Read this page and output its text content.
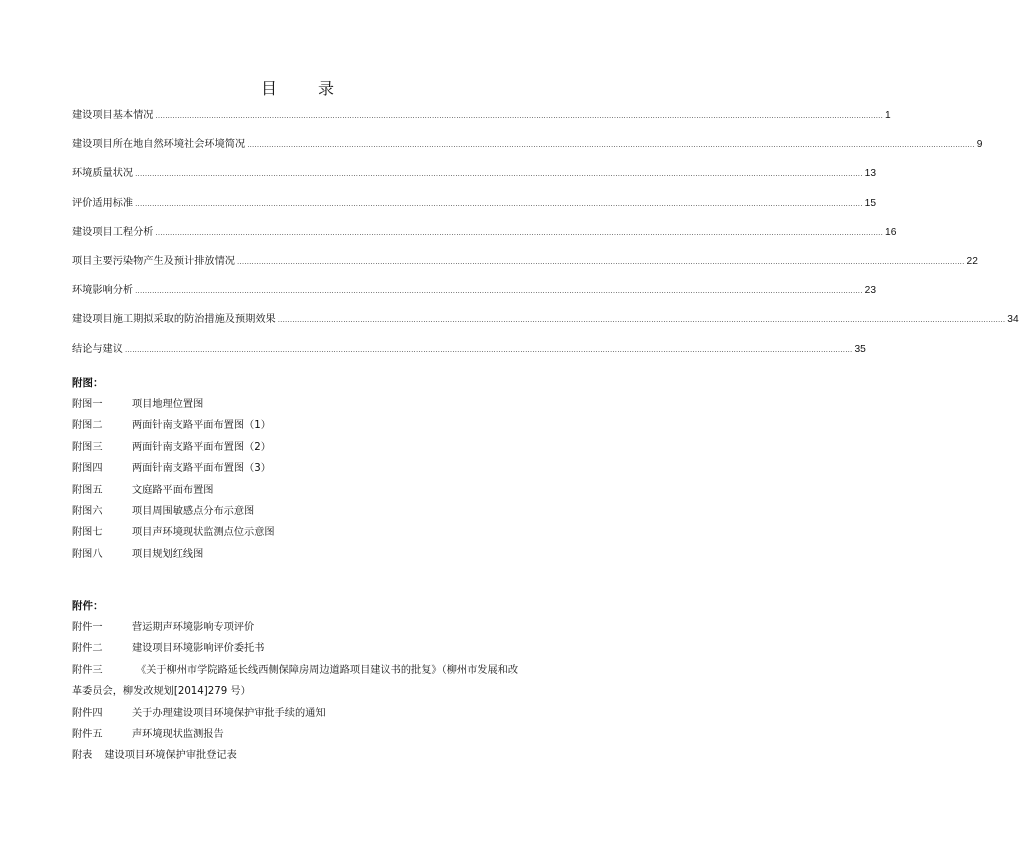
目 录
建设项目基本情况 ............................................................................................................................................................................................................................................................................................................ 1
建设项目所在地自然环境社会环境简况 ............................................................................................................................................................................................................................................................................................................ 9
环境质量状况 ............................................................................................................................................................................................................................................................................................................ 13
评价适用标准 ............................................................................................................................................................................................................................................................................................................ 15
建设项目工程分析 ............................................................................................................................................................................................................................................................................................................ 16
项目主要污染物产生及预计排放情况 ............................................................................................................................................................................................................................................................................................................ 22
环境影响分析 ............................................................................................................................................................................................................................................................................................................ 23
建设项目施工期拟采取的防治措施及预期效果 ............................................................................................................................................................................................................................................................................................................ 34
结论与建议 ............................................................................................................................................................................................................................................................................................................ 35
附图：
附图一	项目地理位置图
附图二	两面针南支路平面布置图（1）
附图三	两面针南支路平面布置图（2）
附图四	两面针南支路平面布置图（3）
附图五	文庭路平面布置图
附图六	项目周围敏感点分布示意图
附图七	项目声环境现状监测点位示意图
附图八	项目规划红线图
附件：
附件一	营运期声环境影响专项评价
附件二	建设项目环境影响评价委托书
附件三	《关于柳州市学院路延长线西侧保障房周边道路项目建议书的批复》（柳州市发展和改革委员会，柳发改规划[2014]279 号）
附件四	关于办理建设项目环境保护审批手续的通知
附件五	声环境现状监测报告
附表 建设项目环境保护审批登记表
